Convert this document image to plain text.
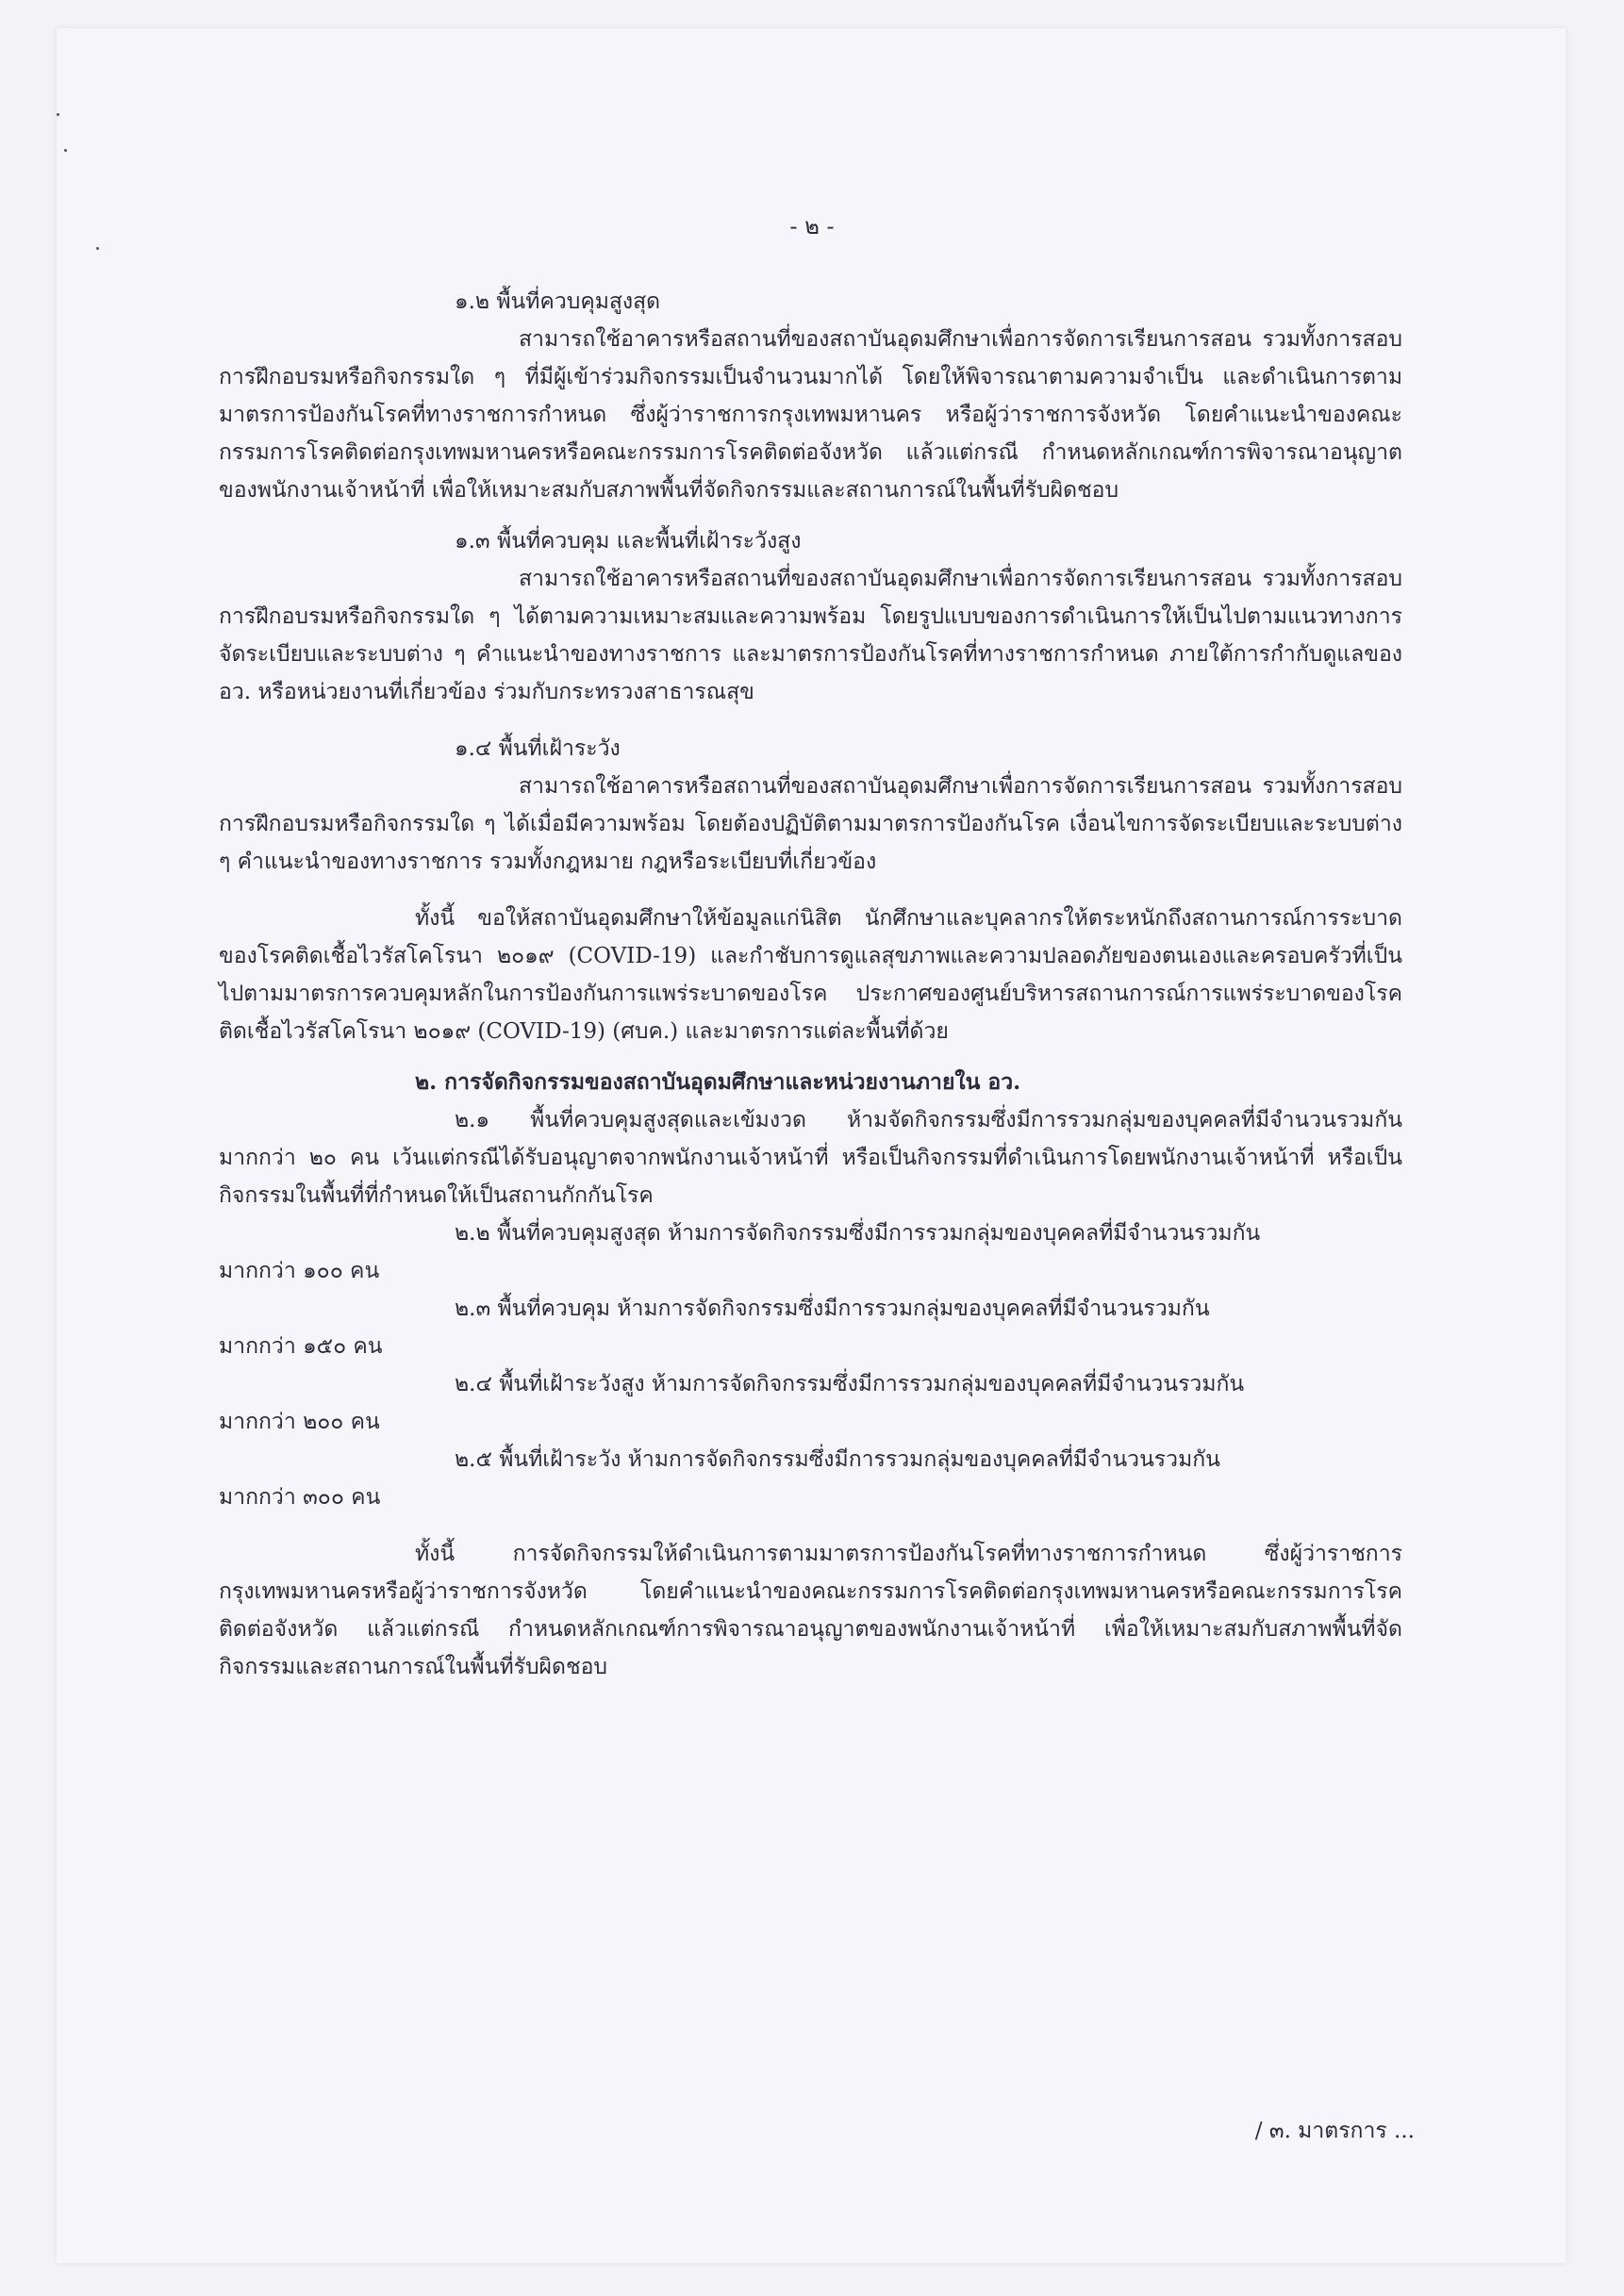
- ๒ -

๑.๒ พื้นที่ควบคุมสูงสุด

สามารถใช้อาคารหรือสถานที่ของสถาบันอุดมศึกษาเพื่อการจัดการเรียนการสอน รวมทั้งการสอบ การฝึกอบรมหรือกิจกรรมใด ๆ ที่มีผู้เข้าร่วมกิจกรรมเป็นจำนวนมากได้ โดยให้พิจารณาตามความจำเป็น และดำเนินการตามมาตรการป้องกันโรคที่ทางราชการกำหนด ซึ่งผู้ว่าราชการกรุงเทพมหานคร หรือผู้ว่าราชการจังหวัด โดยคำแนะนำของคณะกรรมการโรคติดต่อกรุงเทพมหานครหรือคณะกรรมการโรคติดต่อจังหวัด แล้วแต่กรณี กำหนดหลักเกณฑ์การพิจารณาอนุญาตของพนักงานเจ้าหน้าที่ เพื่อให้เหมาะสมกับสภาพพื้นที่จัดกิจกรรมและสถานการณ์ในพื้นที่รับผิดชอบ

๑.๓ พื้นที่ควบคุม และพื้นที่เฝ้าระวังสูง

สามารถใช้อาคารหรือสถานที่ของสถาบันอุดมศึกษาเพื่อการจัดการเรียนการสอน รวมทั้งการสอบ การฝึกอบรมหรือกิจกรรมใด ๆ ได้ตามความเหมาะสมและความพร้อม โดยรูปแบบของการดำเนินการให้เป็นไปตามแนวทางการจัดระเบียบและระบบต่าง ๆ คำแนะนำของทางราชการ และมาตรการป้องกันโรคที่ทางราชการกำหนด ภายใต้การกำกับดูแลของ อว. หรือหน่วยงานที่เกี่ยวข้อง ร่วมกับกระทรวงสาธารณสุข

๑.๔ พื้นที่เฝ้าระวัง

สามารถใช้อาคารหรือสถานที่ของสถาบันอุดมศึกษาเพื่อการจัดการเรียนการสอน รวมทั้งการสอบ การฝึกอบรมหรือกิจกรรมใด ๆ ได้เมื่อมีความพร้อม โดยต้องปฏิบัติตามมาตรการป้องกันโรค เงื่อนไขการจัดระเบียบและระบบต่าง ๆ คำแนะนำของทางราชการ รวมทั้งกฎหมาย กฎหรือระเบียบที่เกี่ยวข้อง

ทั้งนี้ ขอให้สถาบันอุดมศึกษาให้ข้อมูลแก่นิสิต นักศึกษาและบุคลากรให้ตระหนักถึงสถานการณ์การระบาดของโรคติดเชื้อไวรัสโคโรนา ๒๐๑๙ (COVID-19) และกำชับการดูแลสุขภาพและความปลอดภัยของตนเองและครอบครัวที่เป็นไปตามมาตรการควบคุมหลักในการป้องกันการแพร่ระบาดของโรค ประกาศของศูนย์บริหารสถานการณ์การแพร่ระบาดของโรคติดเชื้อไวรัสโคโรนา ๒๐๑๙ (COVID-19) (ศบค.) และมาตรการแต่ละพื้นที่ด้วย

๒. การจัดกิจกรรมของสถาบันอุดมศึกษาและหน่วยงานภายใน อว.

๒.๑ พื้นที่ควบคุมสูงสุดและเข้มงวด ห้ามจัดกิจกรรมซึ่งมีการรวมกลุ่มของบุคคลที่มีจำนวนรวมกันมากกว่า ๒๐ คน เว้นแต่กรณีได้รับอนุญาตจากพนักงานเจ้าหน้าที่ หรือเป็นกิจกรรมที่ดำเนินการโดยพนักงานเจ้าหน้าที่ หรือเป็นกิจกรรมในพื้นที่ที่กำหนดให้เป็นสถานกักกันโรค

๒.๒ พื้นที่ควบคุมสูงสุด ห้ามการจัดกิจกรรมซึ่งมีการรวมกลุ่มของบุคคลที่มีจำนวนรวมกัน

มากกว่า ๑๐๐ คน

๒.๓ พื้นที่ควบคุม ห้ามการจัดกิจกรรมซึ่งมีการรวมกลุ่มของบุคคลที่มีจำนวนรวมกัน

มากกว่า ๑๕๐ คน

๒.๔ พื้นที่เฝ้าระวังสูง ห้ามการจัดกิจกรรมซึ่งมีการรวมกลุ่มของบุคคลที่มีจำนวนรวมกัน

มากกว่า ๒๐๐ คน

๒.๕ พื้นที่เฝ้าระวัง ห้ามการจัดกิจกรรมซึ่งมีการรวมกลุ่มของบุคคลที่มีจำนวนรวมกัน

มากกว่า ๓๐๐ คน

ทั้งนี้ การจัดกิจกรรมให้ดำเนินการตามมาตรการป้องกันโรคที่ทางราชการกำหนด ซึ่งผู้ว่าราชการกรุงเทพมหานครหรือผู้ว่าราชการจังหวัด โดยคำแนะนำของคณะกรรมการโรคติดต่อกรุงเทพมหานครหรือคณะกรรมการโรคติดต่อจังหวัด แล้วแต่กรณี กำหนดหลักเกณฑ์การพิจารณาอนุญาตของพนักงานเจ้าหน้าที่ เพื่อให้เหมาะสมกับสภาพพื้นที่จัดกิจกรรมและสถานการณ์ในพื้นที่รับผิดชอบ

/ ๓. มาตรการ ...
